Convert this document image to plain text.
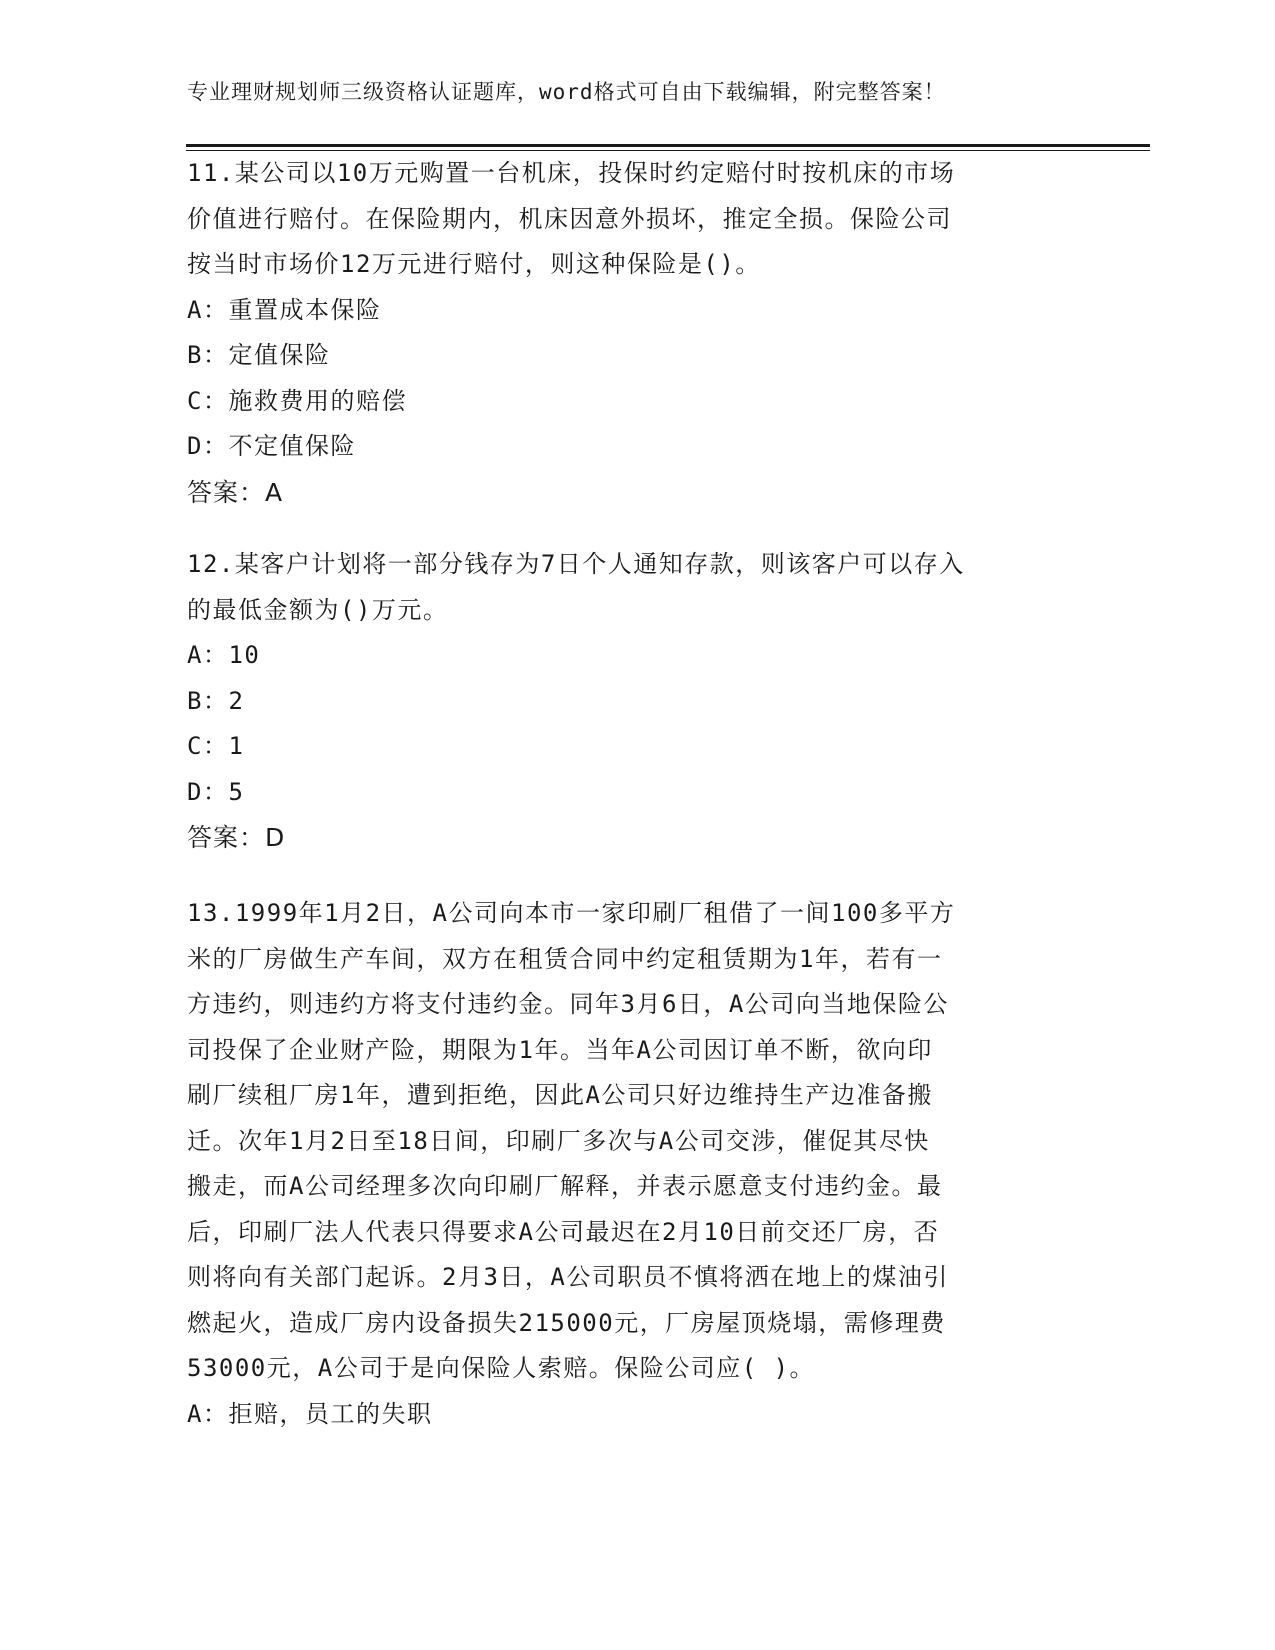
专业理财规划师三级资格认证题库，word格式可自由下载编辑，附完整答案！
11.某公司以10万元购置一台机床，投保时约定赔付时按机床的市场
价值进行赔付。在保险期内，机床因意外损坏，推定全损。保险公司
按当时市场价12万元进行赔付，则这种保险是()。
A：重置成本保险
B：定值保险
C：施救费用的赔偿
D：不定值保险
答案：A
12.某客户计划将一部分钱存为7日个人通知存款，则该客户可以存入
的最低金额为()万元。
A：10
B：2
C：1
D：5
答案：D
13.1999年1月2日，A公司向本市一家印刷厂租借了一间100多平方
米的厂房做生产车间，双方在租赁合同中约定租赁期为1年，若有一
方违约，则违约方将支付违约金。同年3月6日，A公司向当地保险公
司投保了企业财产险，期限为1年。当年A公司因订单不断，欲向印
刷厂续租厂房1年，遭到拒绝，因此A公司只好边维持生产边准备搬
迁。次年1月2日至18日间，印刷厂多次与A公司交涉，催促其尽快
搬走，而A公司经理多次向印刷厂解释，并表示愿意支付违约金。最
后，印刷厂法人代表只得要求A公司最迟在2月10日前交还厂房，否
则将向有关部门起诉。2月3日，A公司职员不慎将洒在地上的煤油引
燃起火，造成厂房内设备损失215000元，厂房屋顶烧塌，需修理费
53000元，A公司于是向保险人索赔。保险公司应( )。
A：拒赔，员工的失职
